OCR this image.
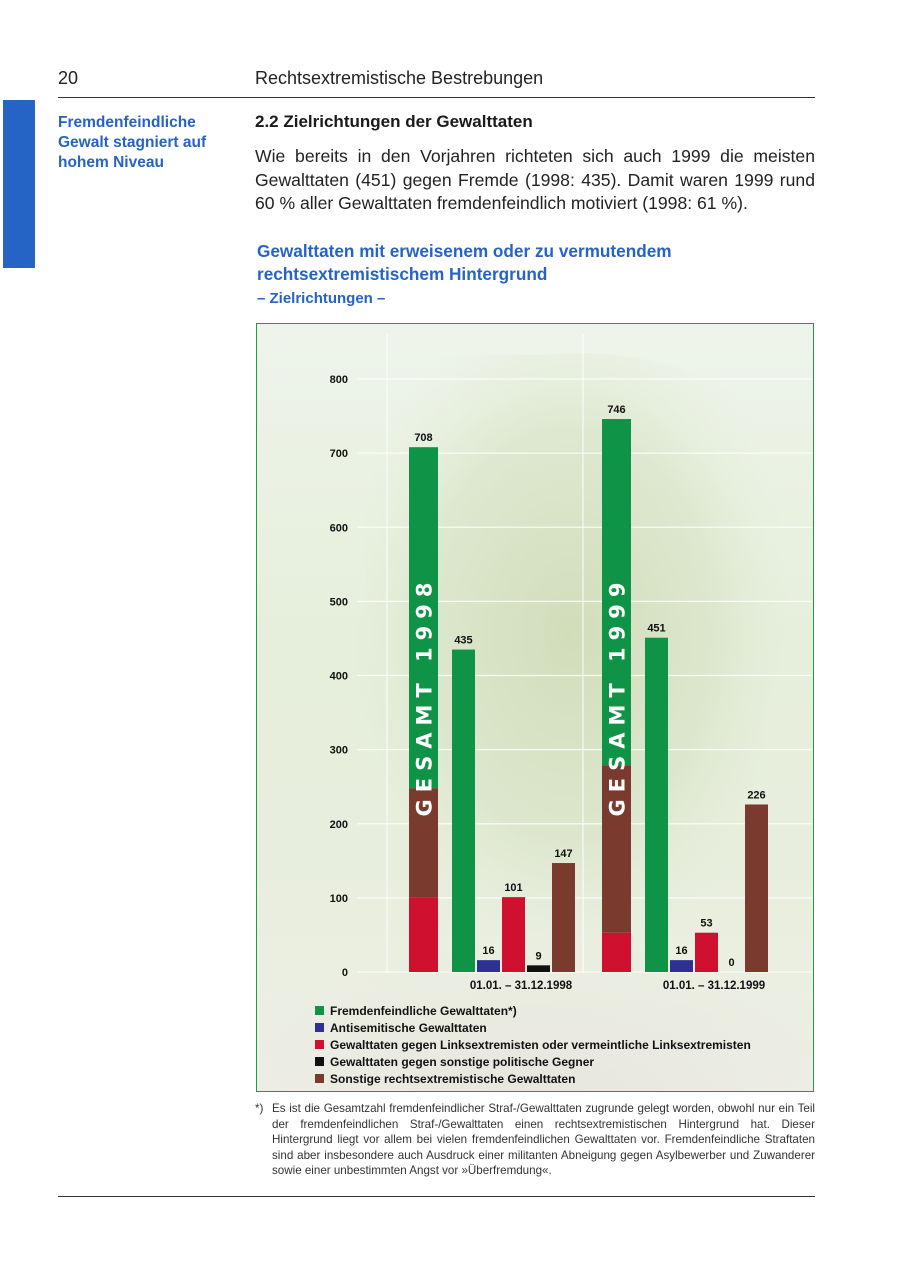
20	Rechtsextremistische Bestrebungen
Fremdenfeindliche Gewalt stagniert auf hohem Niveau
2.2 Zielrichtungen der Gewalttaten
Wie bereits in den Vorjahren richteten sich auch 1999 die meisten Gewalttaten (451) gegen Fremde (1998: 435). Damit waren 1999 rund 60 % aller Gewalttaten fremdenfeindlich motiviert (1998: 61 %).
Gewalttaten mit erweisenem oder zu vermutendem rechtsextremistischem Hintergrund
– Zielrichtungen –
0
100
200
300
400
500
600
700
800
708
GESAMT 1998 435
16
101
9
147
01.01. – 31.12.1998
746
GESAMT 1999 451
16
53
0
226
01.01. – 31.12.1999
Fremdenfeindliche Gewalttaten*)
Antisemitische Gewalttaten
Gewalttaten gegen Linksextremisten oder vermeintliche Linksextremisten
Gewalttaten gegen sonstige politische Gegner
Sonstige rechtsextremistische Gewalttaten
*) Es ist die Gesamtzahl fremdenfeindlicher Straf-/Gewalttaten zugrunde gelegt worden, obwohl nur ein Teil der fremdenfeindlichen Straf-/Gewalttaten einen rechtsextremistischen Hintergrund hat. Dieser Hintergrund liegt vor allem bei vielen fremdenfeindlichen Gewalttaten vor. Fremdenfeindliche Straftaten sind aber insbesondere auch Ausdruck einer militanten Abneigung gegen Asylbewerber und Zuwanderer sowie einer unbestimmten Angst vor »Überfremdung«.
